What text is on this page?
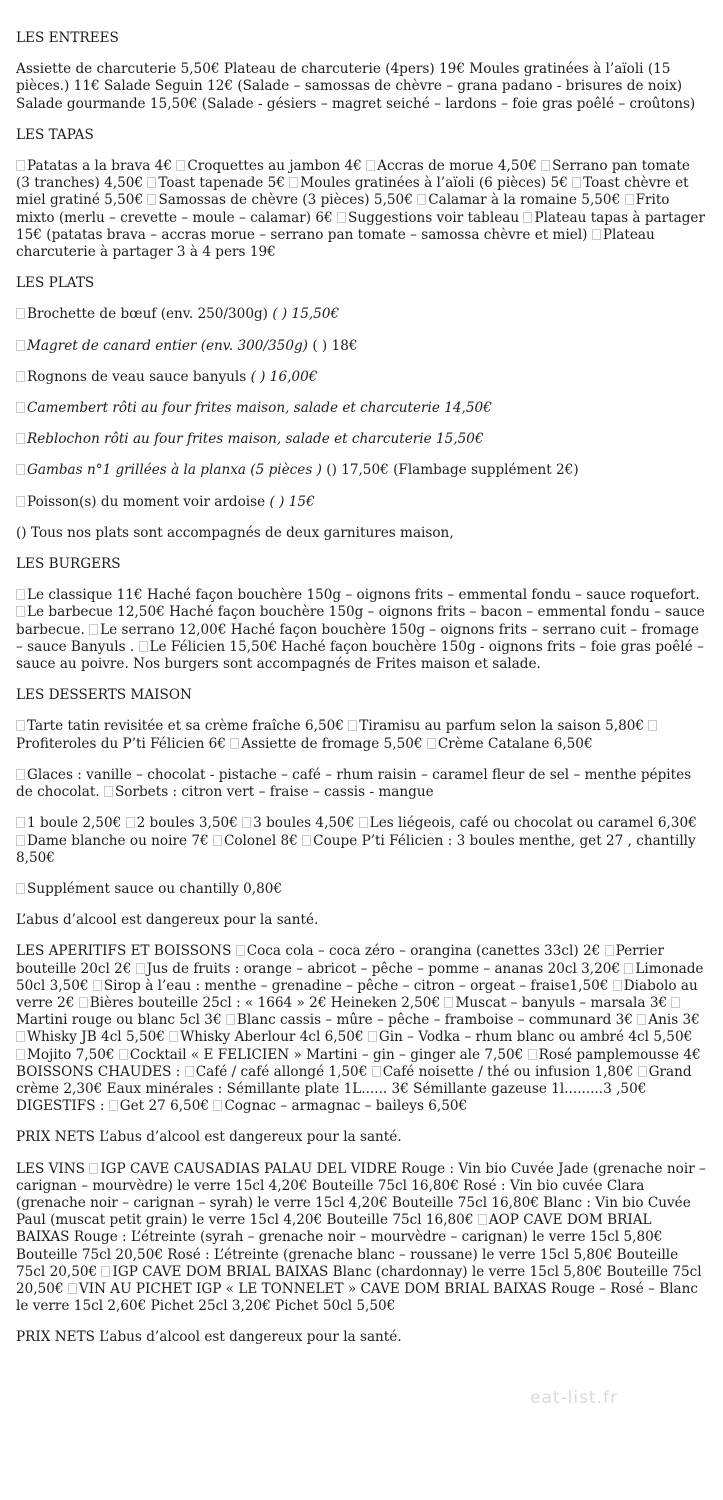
LES ENTREES
Assiette de charcuterie 5,50€ Plateau de charcuterie (4pers) 19€ Moules gratinées à l’aïoli (15 pièces.) 11€ Salade Seguin 12€ (Salade – samossas de chèvre – grana padano - brisures de noix) Salade gourmande 15,50€ (Salade - gésiers – magret seiché – lardons – foie gras poêlé – croûtons)
LES TAPAS
Patatas a la brava 4€ Croquettes au jambon 4€ Accras de morue 4,50€ Serrano pan tomate (3 tranches) 4,50€ Toast tapenade 5€ Moules gratinées à l’aïoli (6 pièces) 5€ Toast chèvre et miel gratiné 5,50€ Samossas de chèvre (3 pièces) 5,50€ Calamar à la romaine 5,50€ Frito mixto (merlu – crevette – moule – calamar) 6€ Suggestions voir tableau Plateau tapas à partager 15€ (patatas brava – accras morue – serrano pan tomate – samossa chèvre et miel) Plateau charcuterie à partager 3 à 4 pers 19€
LES PLATS
Brochette de bœuf (env. 250/300g) ( ) 15,50€
Magret de canard entier (env. 300/350g) ( ) 18€
Rognons de veau sauce banyuls ( ) 16,00€
Camembert rôti au four frites maison, salade et charcuterie 14,50€
Reblochon rôti au four frites maison, salade et charcuterie 15,50€
Gambas n°1 grillées à la planxa (5 pièces ) () 17,50€ (Flambage supplément 2€)
Poisson(s) du moment voir ardoise ( ) 15€
() Tous nos plats sont accompagnés de deux garnitures maison,
LES BURGERS
Le classique 11€ Haché façon bouchère 150g – oignons frits – emmental fondu – sauce roquefort. Le barbecue 12,50€ Haché façon bouchère 150g – oignons frits – bacon – emmental fondu – sauce barbecue. Le serrano 12,00€ Haché façon bouchère 150g – oignons frits – serrano cuit – fromage – sauce Banyuls . Le Félicien 15,50€ Haché façon bouchère 150g - oignons frits – foie gras poêlé – sauce au poivre. Nos burgers sont accompagnés de Frites maison et salade.
LES DESSERTS MAISON
Tarte tatin revisitée et sa crème fraîche 6,50€ Tiramisu au parfum selon la saison 5,80€ Profiteroles du P’ti Félicien 6€ Assiette de fromage 5,50€ Crème Catalane 6,50€
Glaces : vanille – chocolat - pistache – café – rhum raisin – caramel fleur de sel – menthe pépites de chocolat. Sorbets : citron vert – fraise – cassis - mangue
1 boule 2,50€ 2 boules 3,50€ 3 boules 4,50€ Les liégeois, café ou chocolat ou caramel 6,30€ Dame blanche ou noire 7€ Colonel 8€ Coupe P’ti Félicien : 3 boules menthe, get 27 , chantilly 8,50€
Supplément sauce ou chantilly 0,80€
L’abus d’alcool est dangereux pour la santé.
LES APERITIFS ET BOISSONS Coca cola – coca zéro – orangina (canettes 33cl) 2€ Perrier bouteille 20cl 2€ Jus de fruits : orange – abricot – pêche – pomme – ananas 20cl 3,20€ Limonade 50cl 3,50€ Sirop à l’eau : menthe – grenadine – pêche – citron – orgeat – fraise1,50€ Diabolo au verre 2€ Bières bouteille 25cl : « 1664 » 2€ Heineken 2,50€ Muscat – banyuls – marsala 3€ Martini rouge ou blanc 5cl 3€ Blanc cassis – mûre – pêche – framboise – communard 3€ Anis 3€ Whisky JB 4cl 5,50€ Whisky Aberlour 4cl 6,50€ Gin – Vodka – rhum blanc ou ambré 4cl 5,50€ Mojito 7,50€ Cocktail « E FELICIEN » Martini – gin – ginger ale 7,50€ Rosé pamplemousse 4€ BOISSONS CHAUDES : Café / café allongé 1,50€ Café noisette / thé ou infusion 1,80€ Grand crème 2,30€ Eaux minérales : Sémillante plate 1L...... 3€ Sémillante gazeuse 1l.........3 ,50€ DIGESTIFS : Get 27 6,50€ Cognac – armagnac – baileys 6,50€
PRIX NETS L’abus d’alcool est dangereux pour la santé.
LES VINS IGP CAVE CAUSADIAS PALAU DEL VIDRE Rouge : Vin bio Cuvée Jade (grenache noir – carignan – mourvèdre) le verre 15cl 4,20€ Bouteille 75cl 16,80€ Rosé : Vin bio cuvée Clara (grenache noir – carignan – syrah) le verre 15cl 4,20€ Bouteille 75cl 16,80€ Blanc : Vin bio Cuvée Paul (muscat petit grain) le verre 15cl 4,20€ Bouteille 75cl 16,80€ AOP CAVE DOM BRIAL BAIXAS Rouge : L’étreinte (syrah – grenache noir – mourvèdre – carignan) le verre 15cl 5,80€ Bouteille 75cl 20,50€ Rosé : L’étreinte (grenache blanc – roussane) le verre 15cl 5,80€ Bouteille 75cl 20,50€ IGP CAVE DOM BRIAL BAIXAS Blanc (chardonnay) le verre 15cl 5,80€ Bouteille 75cl 20,50€ VIN AU PICHET IGP « LE TONNELET » CAVE DOM BRIAL BAIXAS Rouge – Rosé – Blanc le verre 15cl 2,60€ Pichet 25cl 3,20€ Pichet 50cl 5,50€
PRIX NETS L’abus d’alcool est dangereux pour la santé.
eat-list.fr
